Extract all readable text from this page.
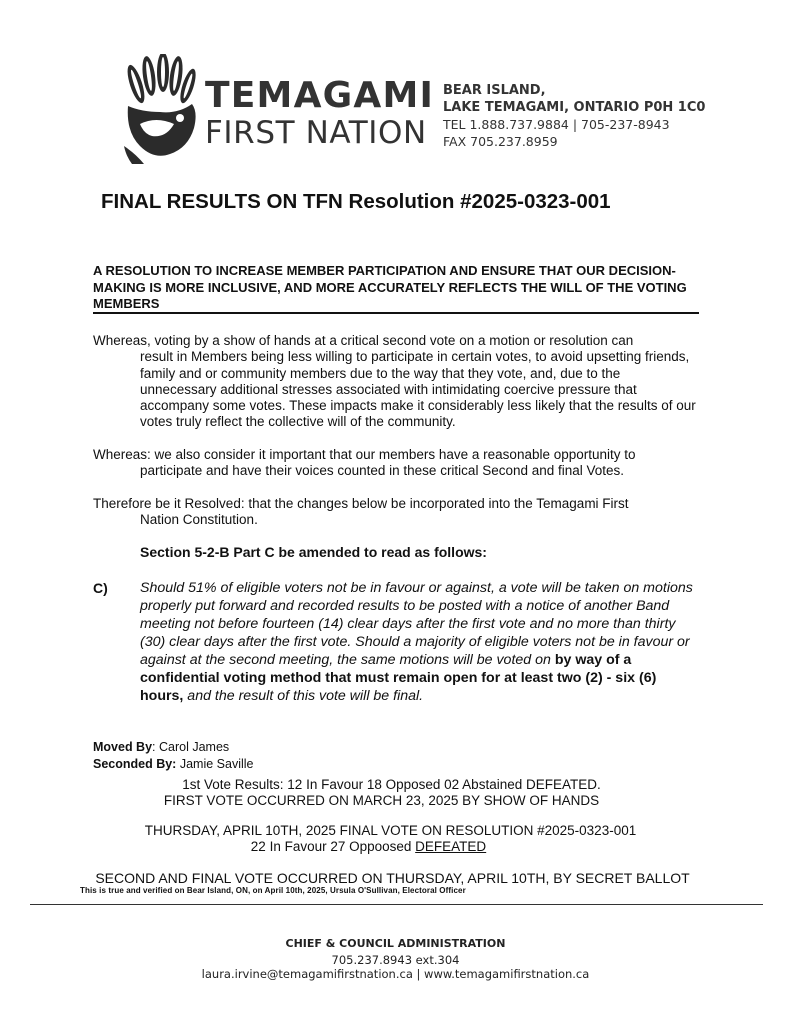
TEMAGAMI
FIRST NATION
BEAR ISLAND,
LAKE TEMAGAMI, ONTARIO P0H 1C0
TEL 1.888.737.9884 | 705-237-8943
FAX 705.237.8959
FINAL RESULTS ON TFN Resolution #2025-0323-001
A RESOLUTION TO INCREASE MEMBER PARTICIPATION AND ENSURE THAT OUR DECISION-MAKING IS MORE INCLUSIVE, AND MORE ACCURATELY REFLECTS THE WILL OF THE VOTING MEMBERS
Whereas, voting by a show of hands at a critical second vote on a motion or resolution can
result in Members being less willing to participate in certain votes, to avoid upsetting friends, family and or community members due to the way that they vote, and, due to the unnecessary additional stresses associated with intimidating coercive pressure that accompany some votes. These impacts make it considerably less likely that the results of our votes truly reflect the collective will of the community.
Whereas: we also consider it important that our members have a reasonable opportunity to
participate and have their voices counted in these critical Second and final Votes.
Therefore be it Resolved: that the changes below be incorporated into the Temagami First
Nation Constitution.
Section 5-2-B Part C be amended to read as follows:
C) Should 51% of eligible voters not be in favour or against, a vote will be taken on motions properly put forward and recorded results to be posted with a notice of another Band meeting not before fourteen (14) clear days after the first vote and no more than thirty (30) clear days after the first vote. Should a majority of eligible voters not be in favour or against at the second meeting, the same motions will be voted on by way of a confidential voting method that must remain open for at least two (2) - six (6) hours, and the result of this vote will be final.
Moved By: Carol James
Seconded By: Jamie Saville
1st Vote Results: 12 In Favour 18 Opposed 02 Abstained DEFEATED.
FIRST VOTE OCCURRED ON MARCH 23, 2025 BY SHOW OF HANDS
THURSDAY, APRIL 10TH, 2025 FINAL VOTE ON RESOLUTION #2025-0323-001
22 In Favour 27 Oppoosed DEFEATED
SECOND AND FINAL VOTE OCCURRED ON THURSDAY, APRIL 10TH, BY SECRET BALLOT
This is true and verified on Bear Island, ON, on April 10th, 2025, Ursula O'Sullivan, Electoral Officer
CHIEF & COUNCIL ADMINISTRATION
705.237.8943 ext.304
laura.irvine@temagamifirstnation.ca | www.temagamifirstnation.ca
